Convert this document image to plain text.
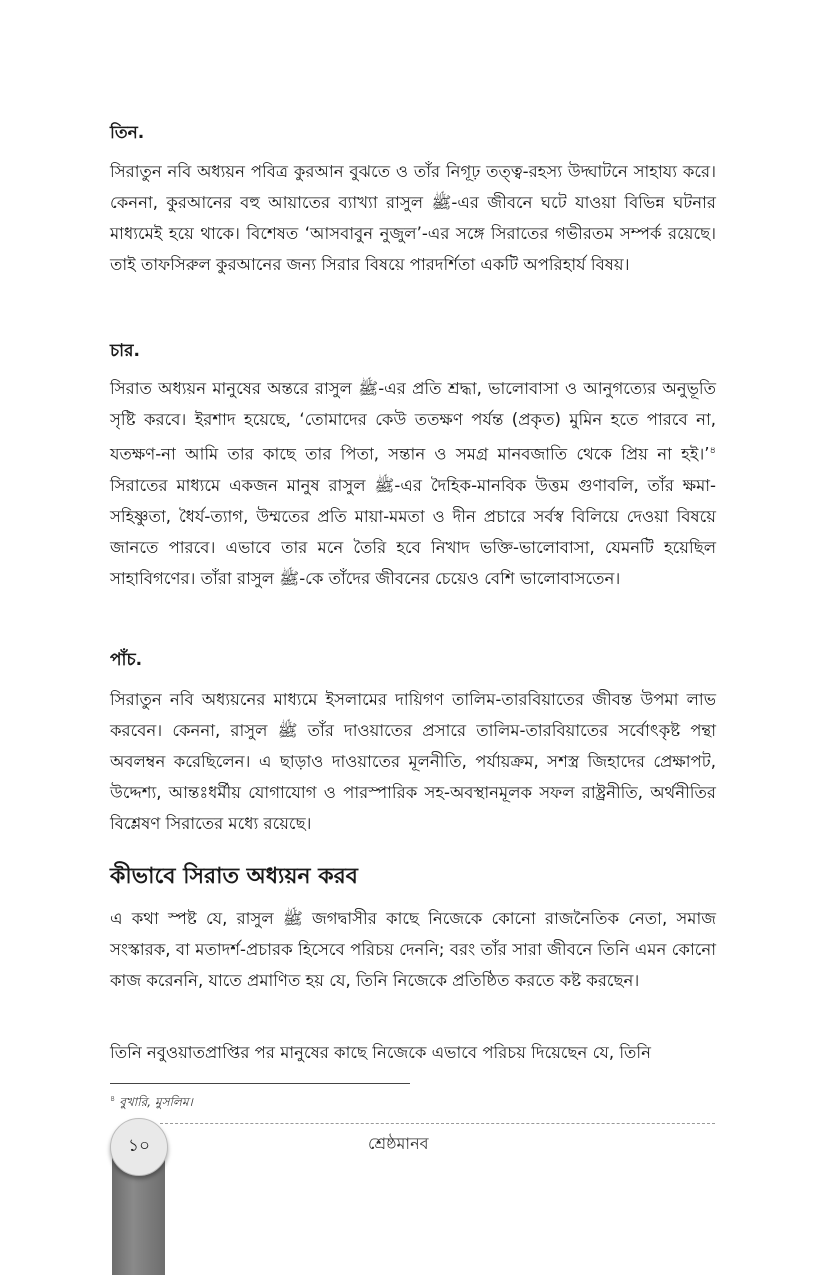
তিন.

সিরাতুন নবি অধ্যয়ন পবিত্র কুরআন বুঝতে ও তাঁর নিগূঢ় তত্ত্ব-রহস্য উদ্ঘাটনে সাহায্য করে। কেননা, কুরআনের বহু আয়াতের ব্যাখ্যা রাসুল ﷺ-এর জীবনে ঘটে যাওয়া বিভিন্ন ঘটনার মাধ্যমেই হয়ে থাকে। বিশেষত ‘আসবাবুন নুজুল’-এর সঙ্গে সিরাতের গভীরতম সম্পর্ক রয়েছে। তাই তাফসিরুল কুরআনের জন্য সিরার বিষয়ে পারদর্শিতা একটি অপরিহার্য বিষয়।

চার.

সিরাত অধ্যয়ন মানুষের অন্তরে রাসুল ﷺ-এর প্রতি শ্রদ্ধা, ভালোবাসা ও আনুগত্যের অনুভূতি সৃষ্টি করবে। ইরশাদ হয়েছে, ‘তোমাদের কেউ ততক্ষণ পর্যন্ত (প্রকৃত) মুমিন হতে পারবে না, যতক্ষণ-না আমি তার কাছে তার পিতা, সন্তান ও সমগ্র মানবজাতি থেকে প্রিয় না হই।’$^৪$ সিরাতের মাধ্যমে একজন মানুষ রাসুল ﷺ-এর দৈহিক-মানবিক উত্তম গুণাবলি, তাঁর ক্ষমা-সহিষ্ণুতা, ধৈর্য-ত্যাগ, উম্মতের প্রতি মায়া-মমতা ও দীন প্রচারে সর্বস্ব বিলিয়ে দেওয়া বিষয়ে জানতে পারবে। এভাবে তার মনে তৈরি হবে নিখাদ ভক্তি-ভালোবাসা, যেমনটি হয়েছিল সাহাবিগণের। তাঁরা রাসুল ﷺ-কে তাঁদের জীবনের চেয়েও বেশি ভালোবাসতেন।

পাঁচ.

সিরাতুন নবি অধ্যয়নের মাধ্যমে ইসলামের দায়িগণ তালিম-তারবিয়াতের জীবন্ত উপমা লাভ করবেন। কেননা, রাসুল ﷺ তাঁর দাওয়াতের প্রসারে তালিম-তারবিয়াতের সর্বোৎকৃষ্ট পন্থা অবলম্বন করেছিলেন। এ ছাড়াও দাওয়াতের মূলনীতি, পর্যায়ক্রম, সশস্ত্র জিহাদের প্রেক্ষাপট, উদ্দেশ্য, আন্তঃধর্মীয় যোগাযোগ ও পারস্পারিক সহ-অবস্থানমূলক সফল রাষ্ট্রনীতি, অর্থনীতির বিশ্লেষণ সিরাতের মধ্যে রয়েছে।

কীভাবে সিরাত অধ্যয়ন করব

এ কথা স্পষ্ট যে, রাসুল ﷺ জগদ্বাসীর কাছে নিজেকে কোনো রাজনৈতিক নেতা, সমাজ সংস্কারক, বা মতাদর্শ-প্রচারক হিসেবে পরিচয় দেননি; বরং তাঁর সারা জীবনে তিনি এমন কোনো কাজ করেননি, যাতে প্রমাণিত হয় যে, তিনি নিজেকে প্রতিষ্ঠিত করতে কষ্ট করছেন।

তিনি নবুওয়াতপ্রাপ্তির পর মানুষের কাছে নিজেকে এভাবে পরিচয় দিয়েছেন যে, তিনি

$^৪$ বুখারি, মুসলিম।
১০	শ্রেষ্ঠমানব
